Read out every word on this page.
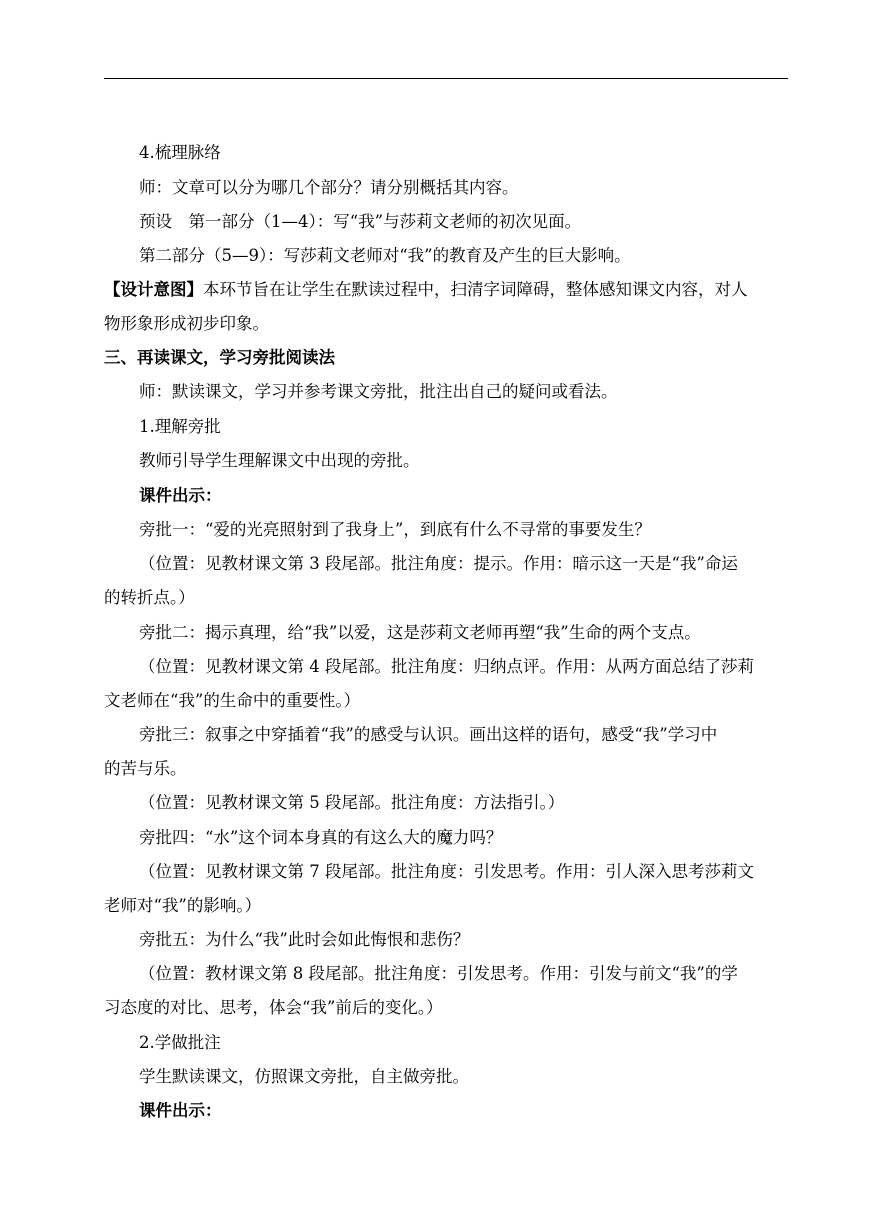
4.梳理脉络
师：文章可以分为哪几个部分？请分别概括其内容。
预设　第一部分（1—4）：写“我”与莎莉文老师的初次见面。
第二部分（5—9）：写莎莉文老师对“我”的教育及产生的巨大影响。
【设计意图】本环节旨在让学生在默读过程中，扫清字词障碍，整体感知课文内容，对人
物形象形成初步印象。
三、再读课文，学习旁批阅读法
师：默读课文，学习并参考课文旁批，批注出自己的疑问或看法。
1.理解旁批
教师引导学生理解课文中出现的旁批。
课件出示：
旁批一：“爱的光亮照射到了我身上”，到底有什么不寻常的事要发生？
（位置：见教材课文第 3 段尾部。批注角度：提示。作用：暗示这一天是“我”命运
的转折点。）
旁批二：揭示真理，给“我”以爱，这是莎莉文老师再塑“我”生命的两个支点。
（位置：见教材课文第 4 段尾部。批注角度：归纳点评。作用：从两方面总结了莎莉
文老师在“我”的生命中的重要性。）
旁批三：叙事之中穿插着“我”的感受与认识。画出这样的语句，感受“我”学习中
的苦与乐。
（位置：见教材课文第 5 段尾部。批注角度：方法指引。）
旁批四：“水”这个词本身真的有这么大的魔力吗？
（位置：见教材课文第 7 段尾部。批注角度：引发思考。作用：引人深入思考莎莉文
老师对“我”的影响。）
旁批五：为什么“我”此时会如此悔恨和悲伤？
（位置：教材课文第 8 段尾部。批注角度：引发思考。作用：引发与前文“我”的学
习态度的对比、思考，体会“我”前后的变化。）
2.学做批注
学生默读课文，仿照课文旁批，自主做旁批。
课件出示：
